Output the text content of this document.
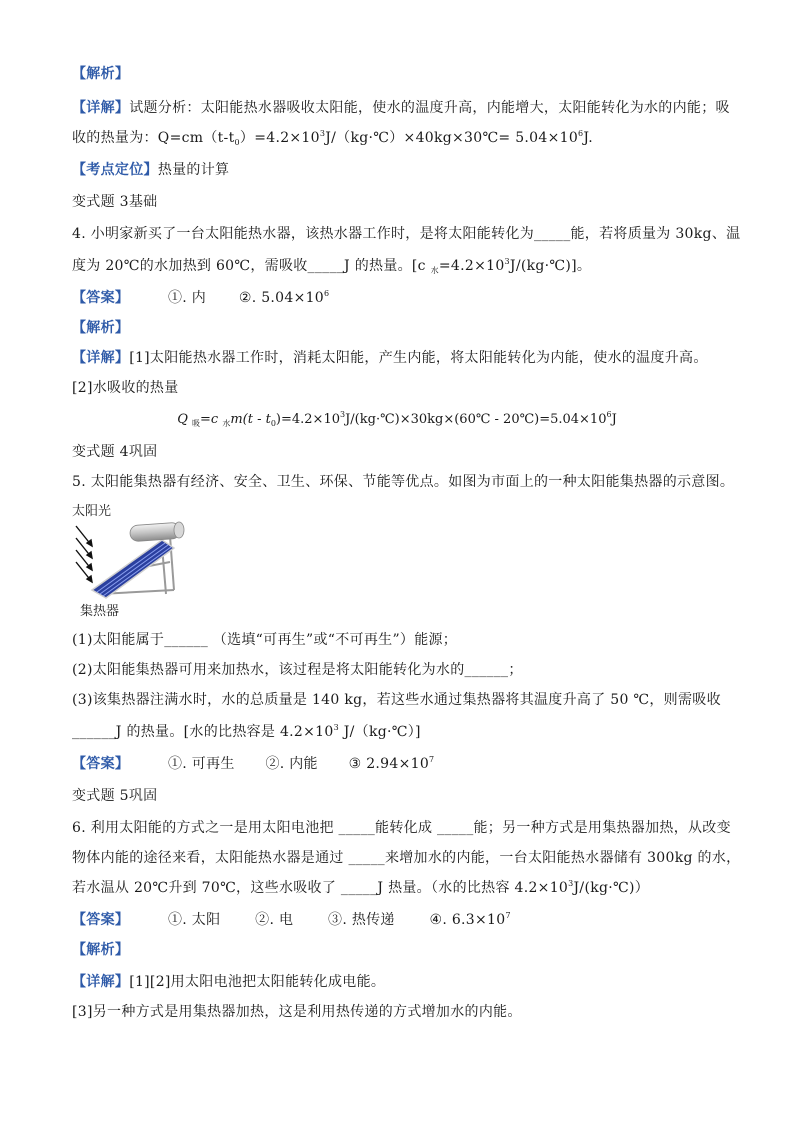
【解析】
【详解】试题分析：太阳能热水器吸收太阳能，使水的温度升高，内能增大，太阳能转化为水的内能；吸
收的热量为：$Q=cm(t-t_0)=4.2\times 10^3J/(kg\cdot℃)\times 40kg\times 30℃= 5.04\times 10^6J$.
【考点定位】热量的计算
变式题 3基础
4. 小明家新买了一台太阳能热水器，该热水器工作时，是将太阳能转化为_____能，若将质量为 30kg、温
度为 20℃的水加热到 60℃，需吸收_____J 的热量。[c $_水=4.2\times 10^3J/(kg\cdot℃)$]。
【答案】	①. 内 ②. $5.04\times 10^6$
【解析】
【详解】[1]太阳能热水器工作时，消耗太阳能，产生内能，将太阳能转化为内能，使水的温度升高。
[2]水吸收的热量
Q $_吸$=c $_水m(t - t_0)=4.2\times 10^3J/(kg\cdot℃)\times 30kg\times(60℃$ - $20℃)=5.04\times 10^6J$
变式题 4巩固
5. 太阳能集热器有经济、安全、卫生、环保、节能等优点。如图为市面上的一种太阳能集热器的示意图。
太阳光
集热器
(1)太阳能属于______ （选填“可再生”或“不可再生”）能源；
(2)太阳能集热器可用来加热水，该过程是将太阳能转化为水的______；
(3)该集热器注满水时，水的总质量是 140 kg，若这些水通过集热器将其温度升高了 50 ℃，则需吸收
______J 的热量。[水的比热容是 $4.2\times 10^3$ J/（kg·℃）]
【答案】	①. 可再生 ②. 内能 ③ $2.94\times 10^7$
变式题 5巩固
6. 利用太阳能的方式之一是用太阳电池把 _____能转化成 _____能；另一种方式是用集热器加热，从改变
物体内能的途径来看，太阳能热水器是通过 _____来增加水的内能，一台太阳能热水器储有 300kg 的水，
若水温从 20℃升到 70℃，这些水吸收了 _____J 热量。（水的比热容 $4.2\times 10^3J/(kg\cdot℃)$）
【答案】	①. 太阳 ②. 电 ③. 热传递 ④. $6.3\times 10^7$
【解析】
【详解】[1][2]用太阳电池把太阳能转化成电能。
[3]另一种方式是用集热器加热，这是利用热传递的方式增加水的内能。
